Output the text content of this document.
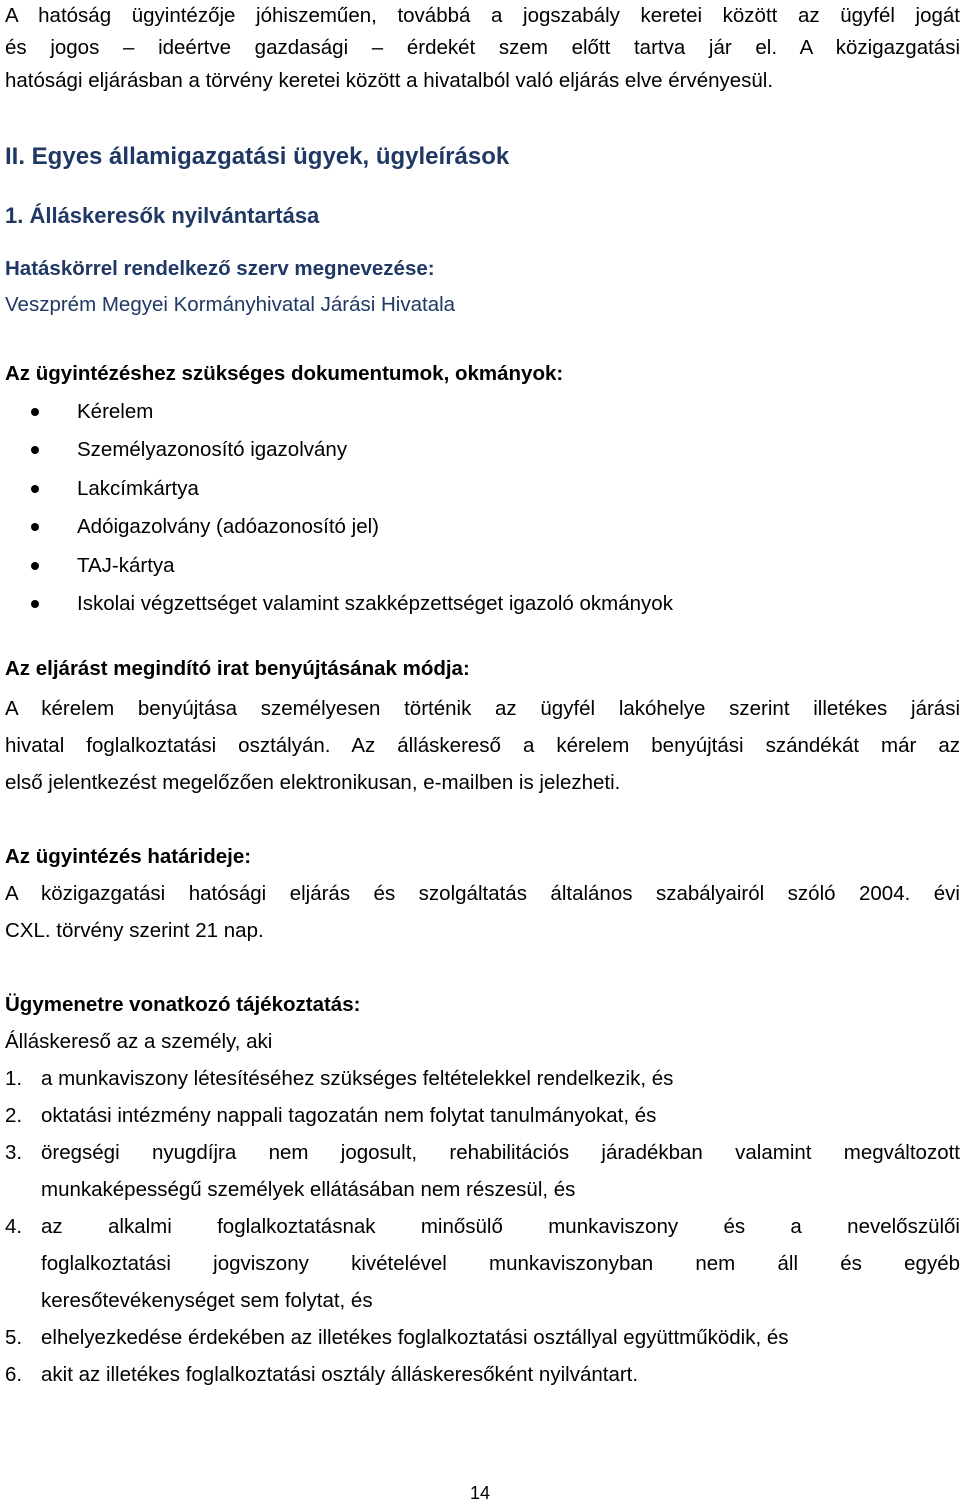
A hatóság ügyintézője jóhiszeműen, továbbá a jogszabály keretei között az ügyfél jogát

és jogos – ideértve gazdasági – érdekét szem előtt tartva jár el. A közigazgatási

hatósági eljárásban a törvény keretei között a hivatalból való eljárás elve érvényesül.

II. Egyes államigazgatási ügyek, ügyleírások

1. Álláskeresők nyilvántartása

Hatáskörrel rendelkező szerv megnevezése:

Veszprém Megyei Kormányhivatal Járási Hivatala

Az ügyintézéshez szükséges dokumentumok, okmányok:

Kérelem
Személyazonosító igazolvány
Lakcímkártya
Adóigazolvány (adóazonosító jel)
TAJ-kártya
Iskolai végzettséget valamint szakképzettséget igazoló okmányok

Az eljárást megindító irat benyújtásának módja:

A kérelem benyújtása személyesen történik az ügyfél lakóhelye szerint illetékes járási

hivatal foglalkoztatási osztályán. Az álláskereső a kérelem benyújtási szándékát már az

első jelentkezést megelőzően elektronikusan, e-mailben is jelezheti.

Az ügyintézés határideje:

A közigazgatási hatósági eljárás és szolgáltatás általános szabályairól szóló 2004. évi

CXL. törvény szerint 21 nap.

Ügymenetre vonatkozó tájékoztatás:

Álláskereső az a személy, aki

1. a munkaviszony létesítéséhez szükséges feltételekkel rendelkezik, és

2. oktatási intézmény nappali tagozatán nem folytat tanulmányokat, és

3. öregségi nyugdíjra nem jogosult, rehabilitációs járadékban valamint megváltozott

munkaképességű személyek ellátásában nem részesül, és

4. az alkalmi foglalkoztatásnak minősülő munkaviszony és a nevelőszülői

foglalkoztatási jogviszony kivételével munkaviszonyban nem áll és egyéb

keresőtevékenységet sem folytat, és

5. elhelyezkedése érdekében az illetékes foglalkoztatási osztállyal együttműködik, és

6. akit az illetékes foglalkoztatási osztály álláskeresőként nyilvántart.

14
